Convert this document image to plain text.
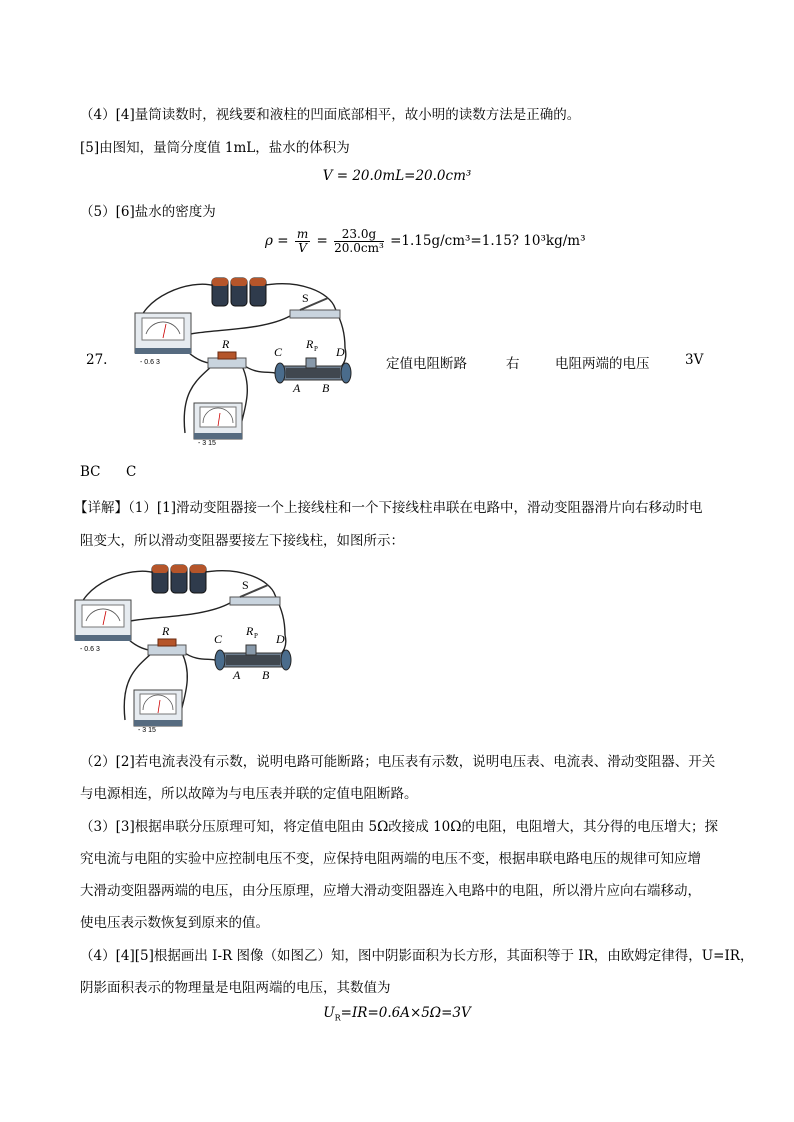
（4）[4]量筒读数时，视线要和液柱的凹面底部相平，故小明的读数方法是正确的。
[5]由图知，量筒分度值 1mL，盐水的体积为
V = 20.0mL=20.0cm³
（5）[6]盐水的密度为
$\rho = \frac{m}{V} = \frac{23.0g}{\text{20.0cm³}} =1.15g/cm^3=1.15$? 10³kg/m³
S
- 0.6 3
R
C
R P D
A B
- 3 15
27.	定值电阻断路	右	电阻两端的电压	3V
BC C
【详解】（1）[1]滑动变阻器接一个上接线柱和一个下接线柱串联在电路中，滑动变阻器滑片向右移动时电
阻变大，所以滑动变阻器要接左下接线柱，如图所示：
S
- 0.6 3
R
C
R P D
A B
- 3 15
（2）[2]若电流表没有示数，说明电路可能断路；电压表有示数，说明电压表、电流表、滑动变阻器、开关
与电源相连，所以故障为与电压表并联的定值电阻断路。
（3）[3]根据串联分压原理可知，将定值电阻由 5Ω改接成 10Ω的电阻，电阻增大，其分得的电压增大；探
究电流与电阻的实验中应控制电压不变，应保持电阻两端的电压不变，根据串联电路电压的规律可知应增
大滑动变阻器两端的电压，由分压原理，应增大滑动变阻器连入电路中的电阻，所以滑片应向右端移动，
使电压表示数恢复到原来的值。
（4）[4][5]根据画出 I-R 图像（如图乙）知，图中阴影面积为长方形，其面积等于 IR，由欧姆定律得，U=IR，
阴影面积表示的物理量是电阻两端的电压，其数值为
$U_R=IR=0.6A\times 5\Omega=3V$
